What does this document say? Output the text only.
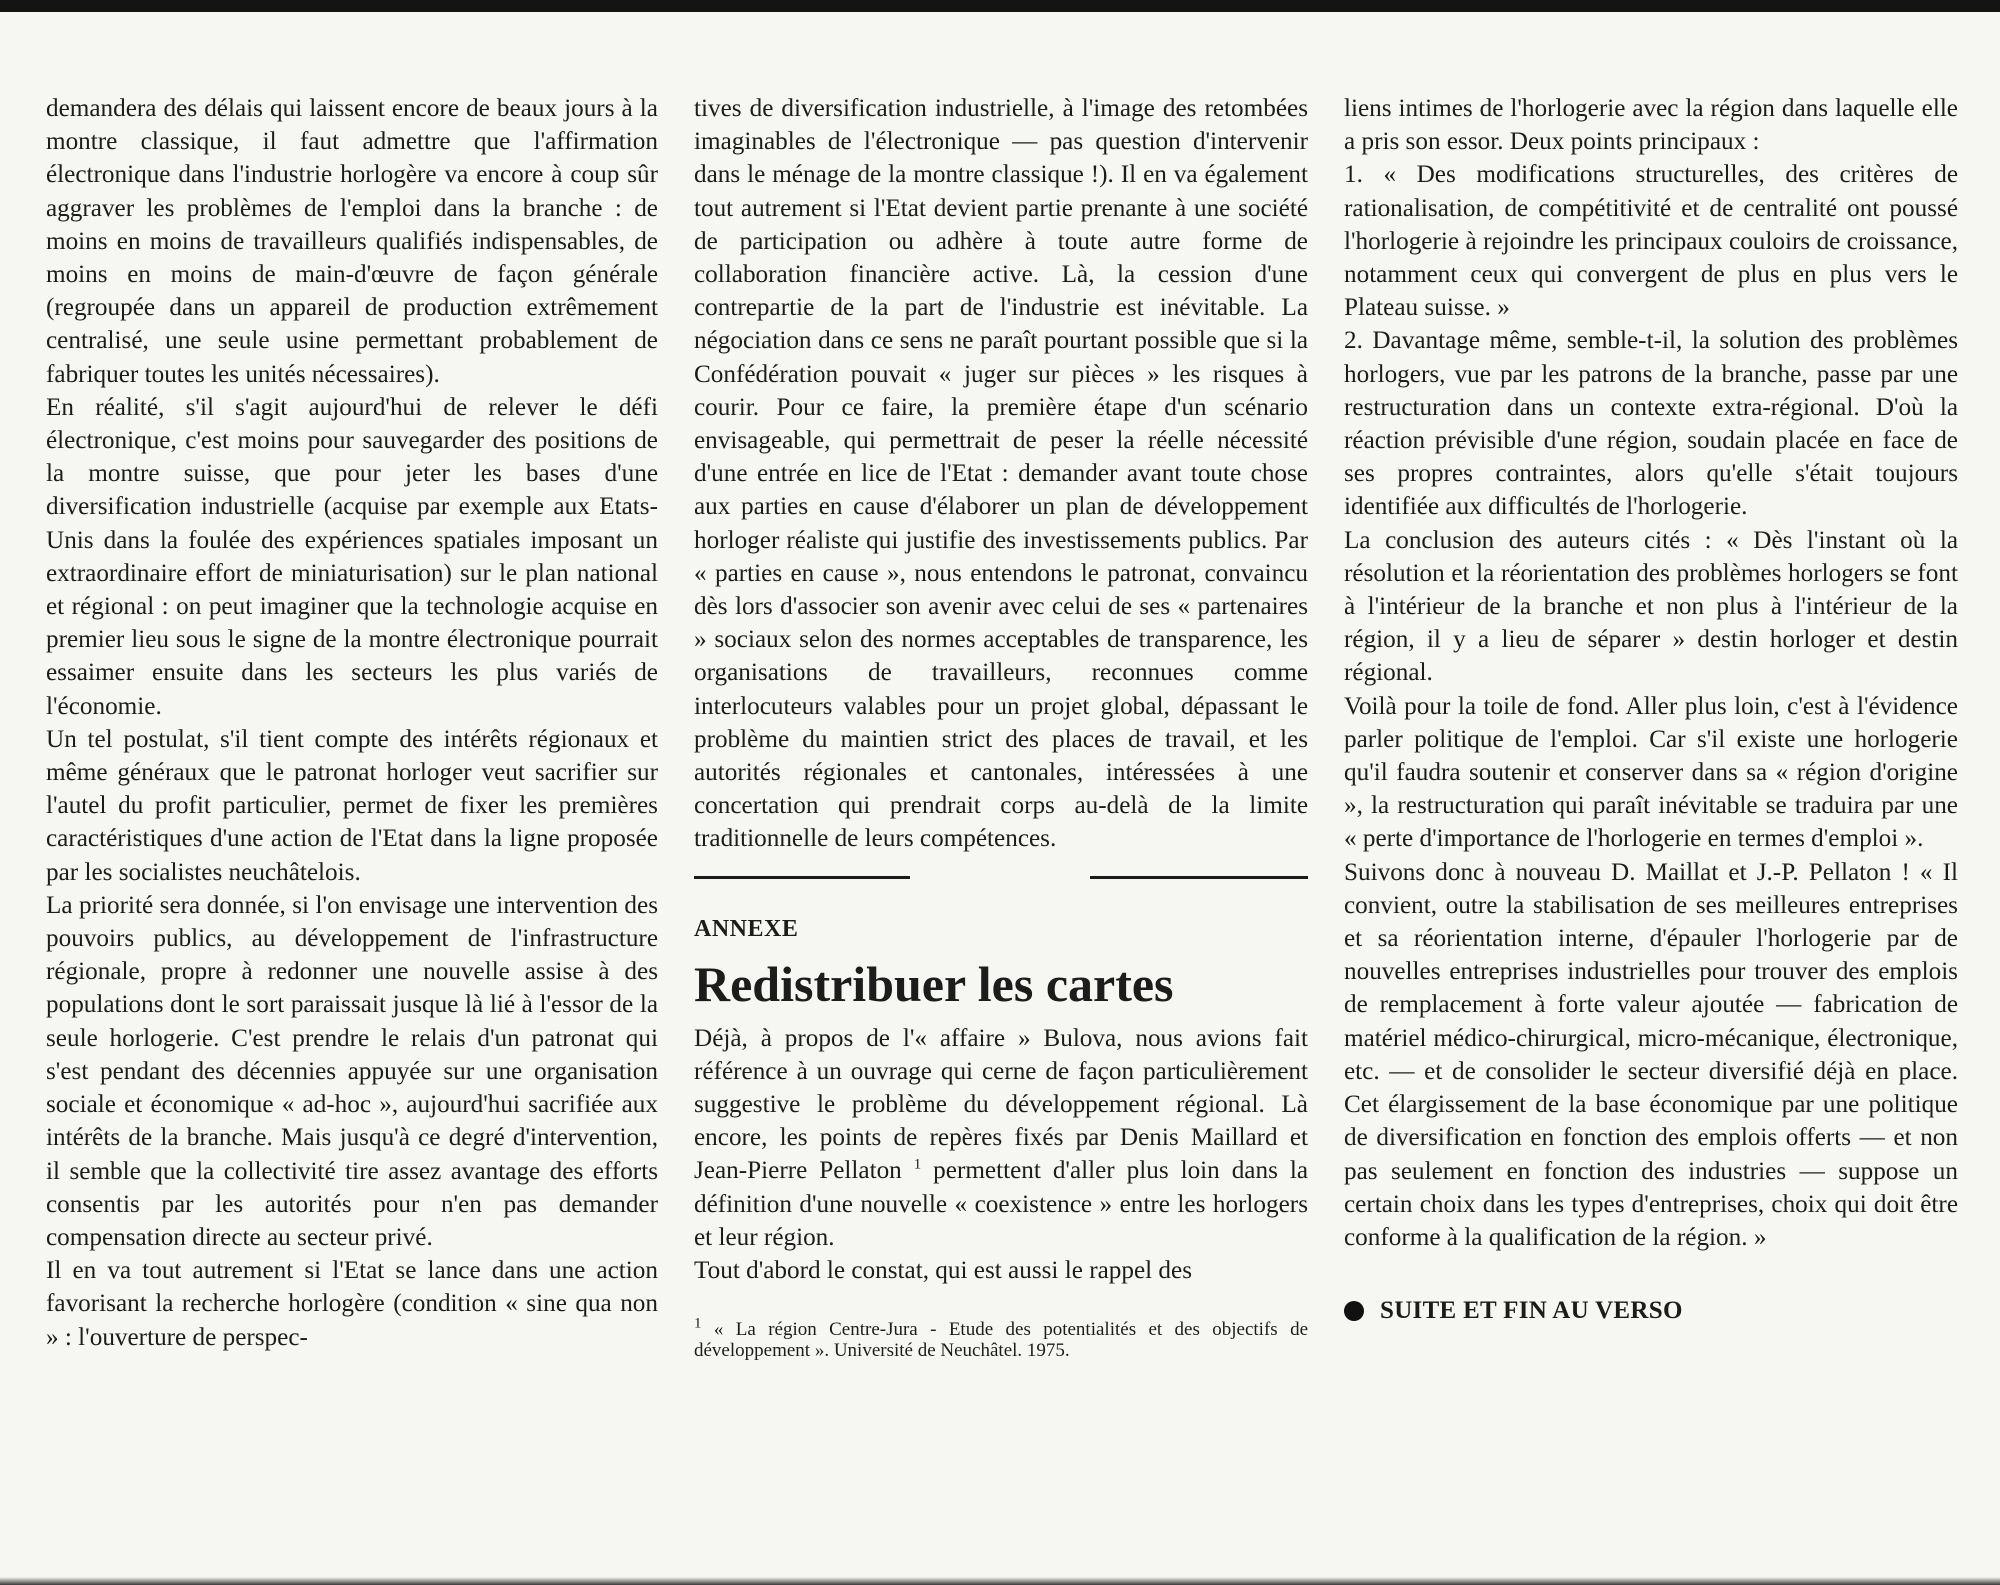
demandera des délais qui laissent encore de beaux jours à la montre classique, il faut admettre que l'affirmation électronique dans l'industrie horlogère va encore à coup sûr aggraver les problèmes de l'emploi dans la branche : de moins en moins de travailleurs qualifiés indispensables, de moins en moins de main-d'œuvre de façon générale (regroupée dans un appareil de production extrêmement centralisé, une seule usine permettant probablement de fabriquer toutes les unités nécessaires).

En réalité, s'il s'agit aujourd'hui de relever le défi électronique, c'est moins pour sauvegarder des positions de la montre suisse, que pour jeter les bases d'une diversification industrielle (acquise par exemple aux Etats-Unis dans la foulée des expériences spatiales imposant un extraordinaire effort de miniaturisation) sur le plan national et régional : on peut imaginer que la technologie acquise en premier lieu sous le signe de la montre électronique pourrait essaimer ensuite dans les secteurs les plus variés de l'économie.

Un tel postulat, s'il tient compte des intérêts régionaux et même généraux que le patronat horloger veut sacrifier sur l'autel du profit particulier, permet de fixer les premières caractéristiques d'une action de l'Etat dans la ligne proposée par les socialistes neuchâtelois.

La priorité sera donnée, si l'on envisage une intervention des pouvoirs publics, au développement de l'infrastructure régionale, propre à redonner une nouvelle assise à des populations dont le sort paraissait jusque là lié à l'essor de la seule horlogerie. C'est prendre le relais d'un patronat qui s'est pendant des décennies appuyée sur une organisation sociale et économique « ad-hoc », aujourd'hui sacrifiée aux intérêts de la branche. Mais jusqu'à ce degré d'intervention, il semble que la collectivité tire assez avantage des efforts consentis par les autorités pour n'en pas demander compensation directe au secteur privé.

Il en va tout autrement si l'Etat se lance dans une action favorisant la recherche horlogère (condition « sine qua non » : l'ouverture de perspec-

tives de diversification industrielle, à l'image des retombées imaginables de l'électronique — pas question d'intervenir dans le ménage de la montre classique !). Il en va également tout autrement si l'Etat devient partie prenante à une société de participation ou adhère à toute autre forme de collaboration financière active. Là, la cession d'une contrepartie de la part de l'industrie est inévitable. La négociation dans ce sens ne paraît pourtant possible que si la Confédération pouvait « juger sur pièces » les risques à courir. Pour ce faire, la première étape d'un scénario envisageable, qui permettrait de peser la réelle nécessité d'une entrée en lice de l'Etat : demander avant toute chose aux parties en cause d'élaborer un plan de développement horloger réaliste qui justifie des investissements publics. Par « parties en cause », nous entendons le patronat, convaincu dès lors d'associer son avenir avec celui de ses « partenaires » sociaux selon des normes acceptables de transparence, les organisations de travailleurs, reconnues comme interlocuteurs valables pour un projet global, dépassant le problème du maintien strict des places de travail, et les autorités régionales et cantonales, intéressées à une concertation qui prendrait corps au-delà de la limite traditionnelle de leurs compétences.

ANNEXE
Redistribuer les cartes

Déjà, à propos de l'« affaire » Bulova, nous avions fait référence à un ouvrage qui cerne de façon particulièrement suggestive le problème du développement régional. Là encore, les points de repères fixés par Denis Maillard et Jean-Pierre Pellaton $^1$ permettent d'aller plus loin dans la définition d'une nouvelle « coexistence » entre les horlogers et leur région.

Tout d'abord le constat, qui est aussi le rappel des

$^1$ « La région Centre-Jura - Etude des potentialités et des objectifs de développement ». Université de Neuchâtel. 1975.

liens intimes de l'horlogerie avec la région dans laquelle elle a pris son essor. Deux points principaux :

1. « Des modifications structurelles, des critères de rationalisation, de compétitivité et de centralité ont poussé l'horlogerie à rejoindre les principaux couloirs de croissance, notamment ceux qui convergent de plus en plus vers le Plateau suisse. »

2. Davantage même, semble-t-il, la solution des problèmes horlogers, vue par les patrons de la branche, passe par une restructuration dans un contexte extra-régional. D'où la réaction prévisible d'une région, soudain placée en face de ses propres contraintes, alors qu'elle s'était toujours identifiée aux difficultés de l'horlogerie.

La conclusion des auteurs cités : « Dès l'instant où la résolution et la réorientation des problèmes horlogers se font à l'intérieur de la branche et non plus à l'intérieur de la région, il y a lieu de séparer » destin horloger et destin régional.

Voilà pour la toile de fond. Aller plus loin, c'est à l'évidence parler politique de l'emploi. Car s'il existe une horlogerie qu'il faudra soutenir et conserver dans sa « région d'origine », la restructuration qui paraît inévitable se traduira par une « perte d'importance de l'horlogerie en termes d'emploi ».

Suivons donc à nouveau D. Maillat et J.-P. Pellaton ! « Il convient, outre la stabilisation de ses meilleures entreprises et sa réorientation interne, d'épauler l'horlogerie par de nouvelles entreprises industrielles pour trouver des emplois de remplacement à forte valeur ajoutée — fabrication de matériel médico-chirurgical, micro-mécanique, électronique, etc. — et de consolider le secteur diversifié déjà en place. Cet élargissement de la base économique par une politique de diversification en fonction des emplois offerts — et non pas seulement en fonction des industries — suppose un certain choix dans les types d'entreprises, choix qui doit être conforme à la qualification de la région. »

SUITE ET FIN AU VERSO
